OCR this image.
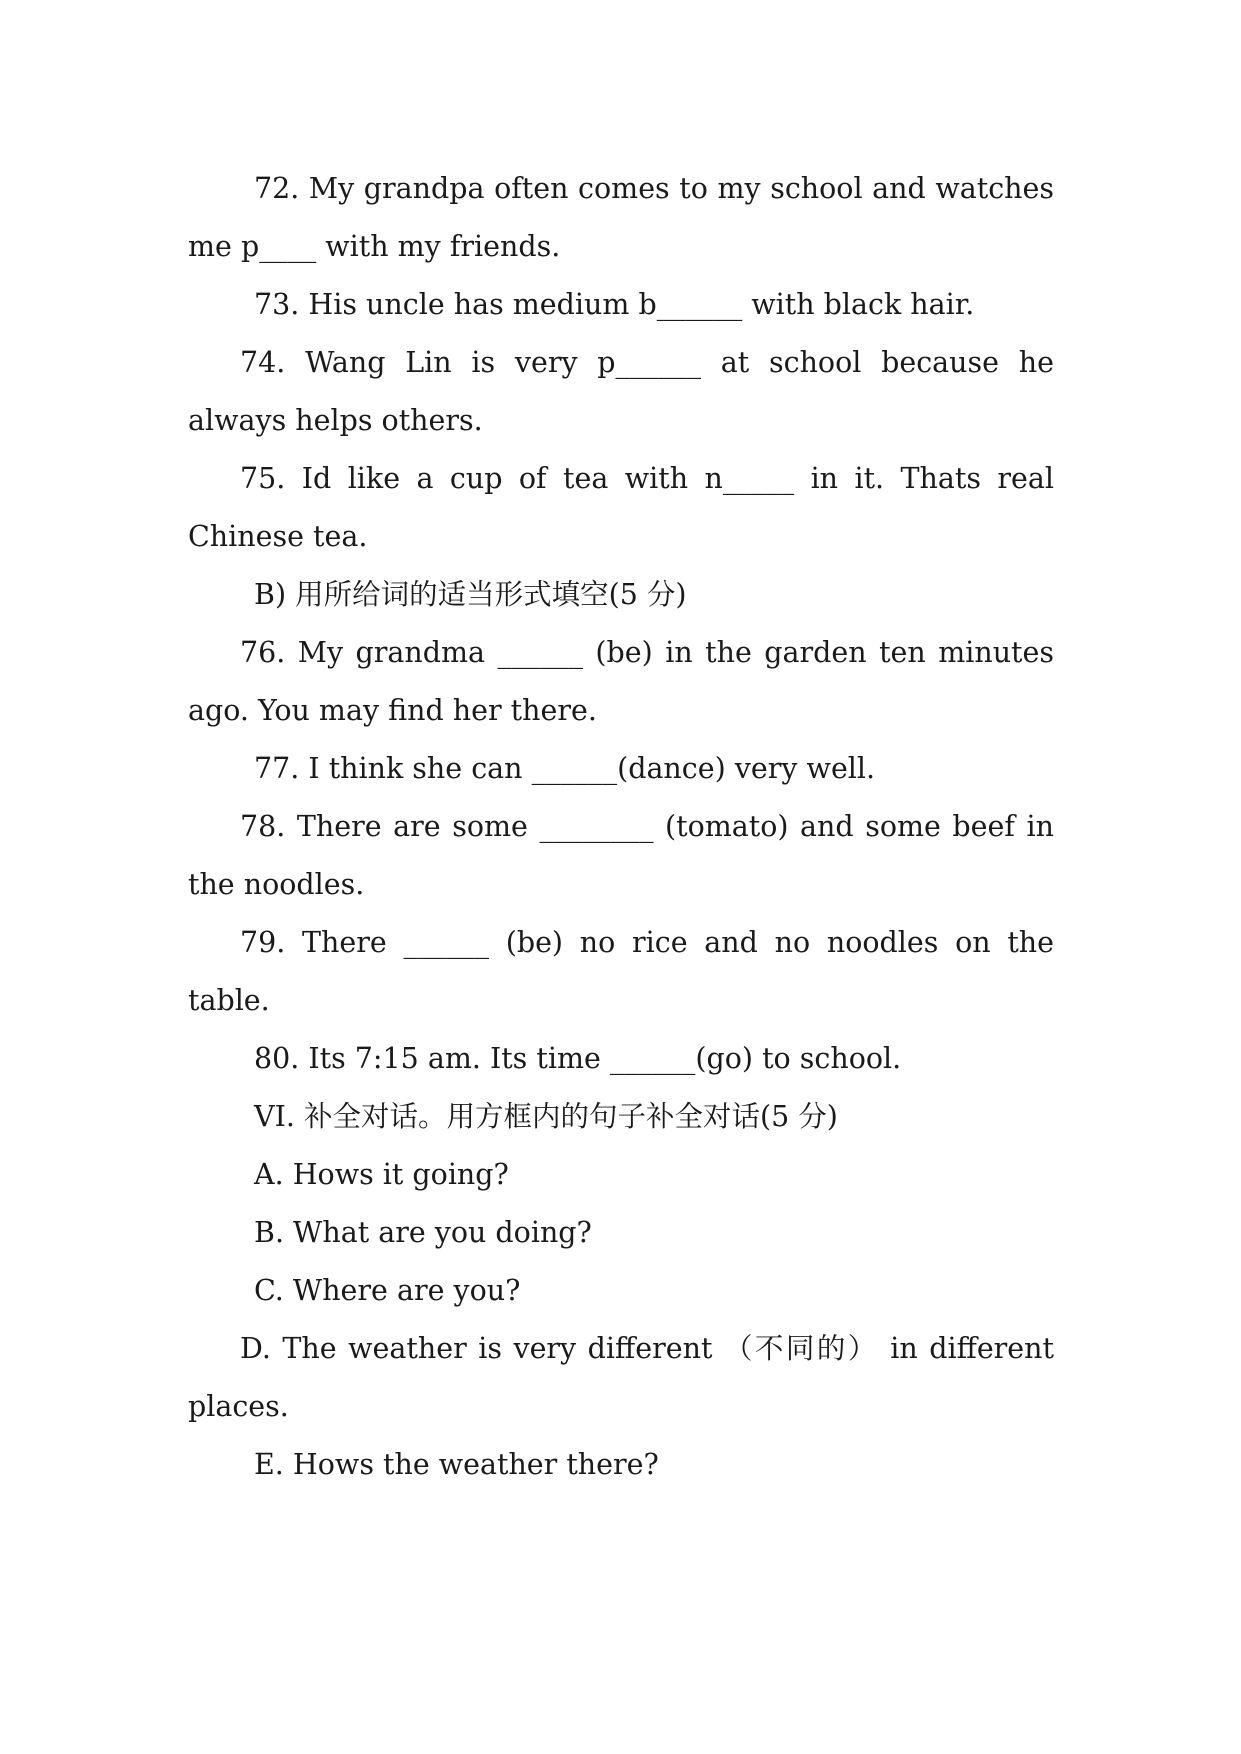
72. My grandpa often comes to my school and watches me p____ with my friends.

73. His uncle has medium b______ with black hair.

74. Wang Lin is very p______ at school because he always helps others.

75. Id like a cup of tea with n_____ in it. Thats real Chinese tea.

B) 用所给词的适当形式填空(5 分)

76. My grandma ______ (be) in the garden ten minutes ago. You may find her there.

77. I think she can ______(dance) very well.

78. There are some ________ (tomato) and some beef in the noodles.

79. There ______ (be) no rice and no noodles on the table.

80. Its 7:15 am. Its time ______(go) to school.

VI. 补全对话。用方框内的句子补全对话(5 分)

A. Hows it going?

B. What are you doing?

C. Where are you?

D. The weather is very different （不同的） in different places.

E. Hows the weather there?
